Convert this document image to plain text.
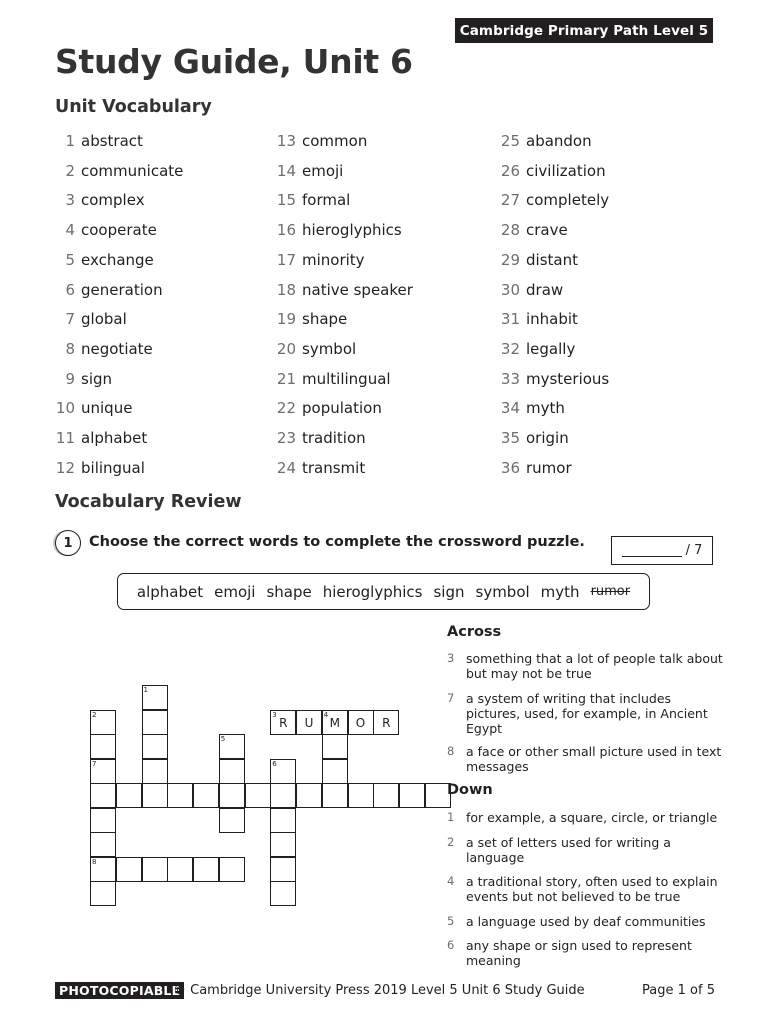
Cambridge Primary Path Level 5
Study Guide, Unit 6
Unit Vocabulary
1 abstract
2 communicate
3 complex
4 cooperate
5 exchange
6 generation
7 global
8 negotiate
9 sign
10 unique
11 alphabet
12 bilingual
13 common
14 emoji
15 formal
16 hieroglyphics
17 minority
18 native speaker
19 shape
20 symbol
21 multilingual
22 population
23 tradition
24 transmit
25 abandon
26 civilization
27 completely
28 crave
29 distant
30 draw
31 inhabit
32 legally
33 mysterious
34 myth
35 origin
36 rumor
Vocabulary Review
1	Choose the correct words to complete the crossword puzzle.
/ 7
alphabet emoji shape hieroglyphics sign symbol myth rumor
2
7
8
1
3
R	U
4
M	O	R
5
6
Across
3 something that a lot of people talk about but may not be true
7 a system of writing that includes pictures, used, for example, in Ancient Egypt
8 a face or other small picture used in text messages
Down
1 for example, a square, circle, or triangle
2 a set of letters used for writing a language
4 a traditional story, often used to explain events but not believed to be true
5 a language used by deaf communities
6 any shape or sign used to represent meaning
PHOTOCOPIABLE
© Cambridge University Press 2019 Level 5 Unit 6 Study Guide	Page 1 of 5
